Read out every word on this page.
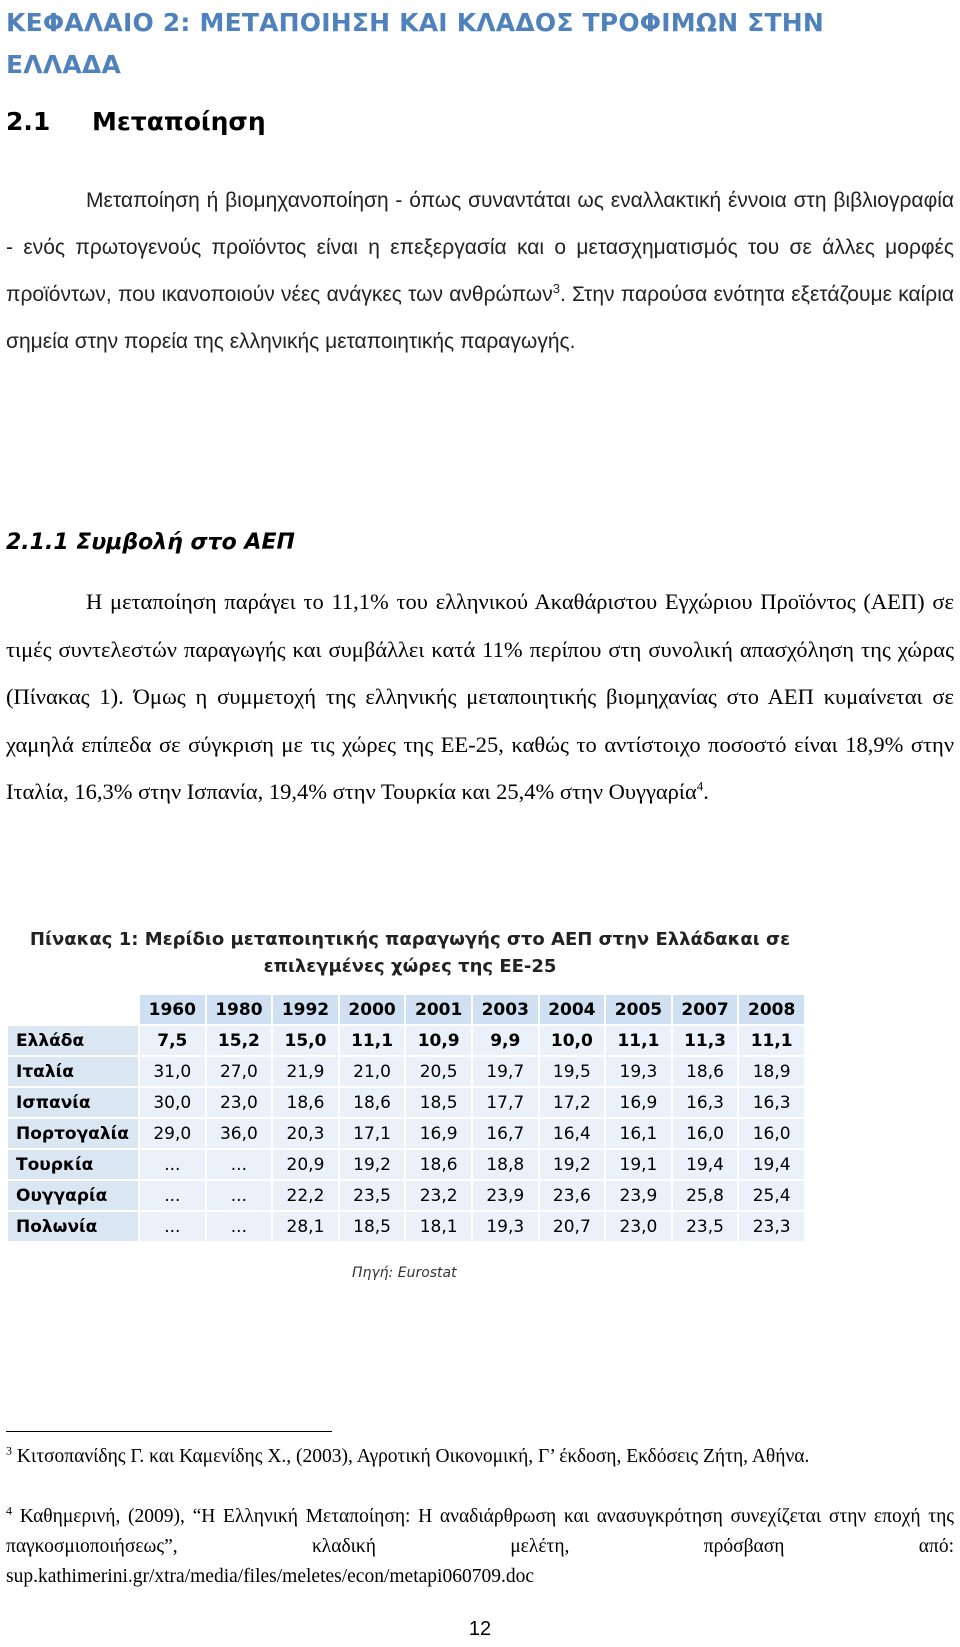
ΚΕΦΑΛΑΙΟ 2: ΜΕΤΑΠΟΙΗΣΗ ΚΑΙ ΚΛΑΔΟΣ ΤΡΟΦΙΜΩΝ ΣΤΗΝ ΕΛΛΑΔΑ
2.1 Μεταποίηση

Μεταποίηση ή βιομηχανοποίηση - όπως συναντάται ως εναλλακτική έννοια στη βιβλιογραφία - ενός πρωτογενούς προϊόντος είναι η επεξεργασία και ο μετασχηματισμός του σε άλλες μορφές προϊόντων, που ικανοποιούν νέες ανάγκες των ανθρώπων$^3$. Στην παρούσα ενότητα εξετάζουμε καίρια σημεία στην πορεία της ελληνικής μεταποιητικής παραγωγής.

2.1.1 Συμβολή στο ΑΕΠ

Η μεταποίηση παράγει το 11,1% του ελληνικού Ακαθάριστου Εγχώριου Προϊόντος (ΑΕΠ) σε τιμές συντελεστών παραγωγής και συμβάλλει κατά 11% περίπου στη συνολική απασχόληση της χώρας (Πίνακας 1). Όμως η συμμετοχή της ελληνικής μεταποιητικής βιομηχανίας στο ΑΕΠ κυμαίνεται σε χαμηλά επίπεδα σε σύγκριση με τις χώρες της ΕΕ-25, καθώς το αντίστοιχο ποσοστό είναι 18,9% στην Ιταλία, 16,3% στην Ισπανία, 19,4% στην Τουρκία και 25,4% στην Ουγγαρία$^4$.

Πίνακας 1: Μερίδιο μεταποιητικής παραγωγής στο ΑΕΠ στην Ελλάδακαι σε επιλεγμένες χώρες της ΕΕ-25

	1960	1980	1992	2000	2001	2003	2004	2005	2007	2008
Ελλάδα	7,5	15,2	15,0	11,1	10,9	9,9	10,0	11,1	11,3	11,1
Ιταλία	31,0	27,0	21,9	21,0	20,5	19,7	19,5	19,3	18,6	18,9
Ισπανία	30,0	23,0	18,6	18,6	18,5	17,7	17,2	16,9	16,3	16,3
Πορτογαλία	29,0	36,0	20,3	17,1	16,9	16,7	16,4	16,1	16,0	16,0
Τουρκία	...	...	20,9	19,2	18,6	18,8	19,2	19,1	19,4	19,4
Ουγγαρία	...	...	22,2	23,5	23,2	23,9	23,6	23,9	25,8	25,4
Πολωνία	...	...	28,1	18,5	18,1	19,3	20,7	23,0	23,5	23,3

Πηγή: Eurostat

$^3$ Κιτσοπανίδης Γ. και Καμενίδης Χ., (2003), Αγροτική Οικονομική, Γ’ έκδοση, Εκδόσεις Ζήτη, Αθήνα.

$^4$ Καθημερινή, (2009), “Η Ελληνική Μεταποίηση: Η αναδιάρθρωση και ανασυγκρότηση συνεχίζεται στην εποχή της παγκοσμιοποιήσεως”, κλαδική μελέτη, πρόσβαση από: sup.kathimerini.gr/xtra/media/files/meletes/econ/metapi060709.doc

12
